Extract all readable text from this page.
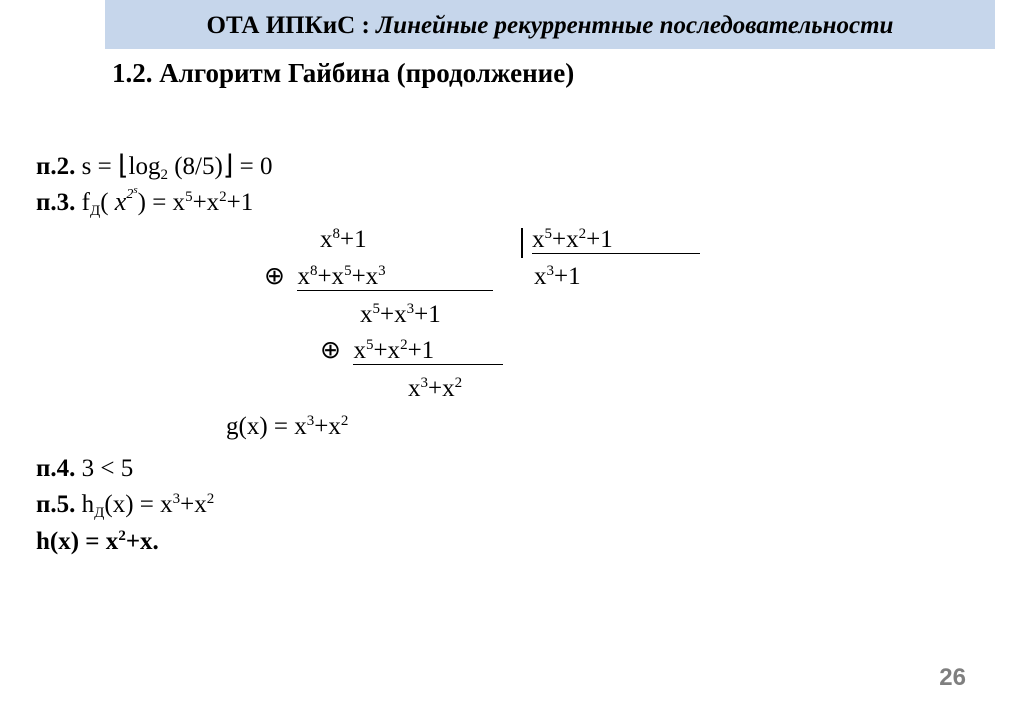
ОТА ИПКиС : Линейные рекуррентные последовательности
1.2. Алгоритм Гайбина (продолжение)
п.2. $s = ⌊\log_2$ (8/5)⌋ = 0
п.3. $f_Д$( $x^{2^s}) = x^5+x^2+1$
$x^8+1$	$x^5+x^2+1$
⊕ $x^8+x^5+x^3$	$x^3+1$
$x^5+x^3+1$
⊕ $x^5+x^2+1$
$x^3+x^2$
$g(x) = x^3+x^2$
п.4. 3 < 5
п.5. $h_Д(x) = x^3+x^2$
$h(x) = x^2+x$.
26
